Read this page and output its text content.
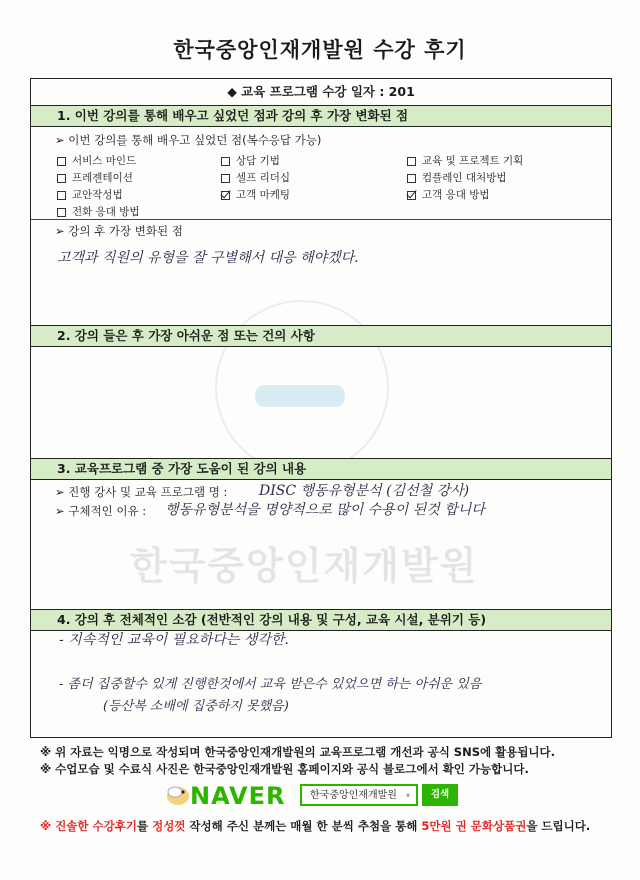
한국중앙인재개발원 수강 후기
한국중앙인재개발원
◆ 교육 프로그램 수강 일자 : 201
1. 이번 강의를 통해 배우고 싶었던 점과 강의 후 가장 변화된 점
➢ 이번 강의를 통해 배우고 싶었던 점(복수응답 가능)
서비스 마인드	상담 기법	교육 및 프로젝트 기획
프레젠테이션	셀프 리더십	컴플레인 대처방법
교안작성법	고객 마케팅	고객 응대 방법
전화 응대 방법
➢ 강의 후 가장 변화된 점
고객과 직원의 유형을 잘 구별해서 대응 해야겠다.
2. 강의 들은 후 가장 아쉬운 점 또는 건의 사항
3. 교육프로그램 중 가장 도움이 된 강의 내용
➢ 진행 강사 및 교육 프로그램 명 : DISC 행동유형분석 (김선철 강사)
➢ 구체적인 이유 : 행동유형분석을 명양적으로 많이 수용이 된것 합니다
4. 강의 후 전체적인 소감 (전반적인 강의 내용 및 구성, 교육 시설, 분위기 등)
- 지속적인 교육이 필요하다는 생각한.
- 좀더 집중할수 있게 진행한것에서 교육 받은수 있었으면 하는 아쉬운 있음
(등산복 소배에 집중하지 못했음)
※ 위 자료는 익명으로 작성되며 한국중앙인재개발원의 교육프로그램 개선과 공식 SNS에 활용됩니다.
※ 수업모습 및 수료식 사진은 한국중앙인재개발원 홈페이지와 공식 블로그에서 확인 가능합니다.
NAVER	한국중앙인재개발원 ▾	검색
※ 진솔한 수강후기를 정성껏 작성해 주신 분께는 매월 한 분씩 추첨을 통해 5만원 권 문화상품권을 드립니다.
